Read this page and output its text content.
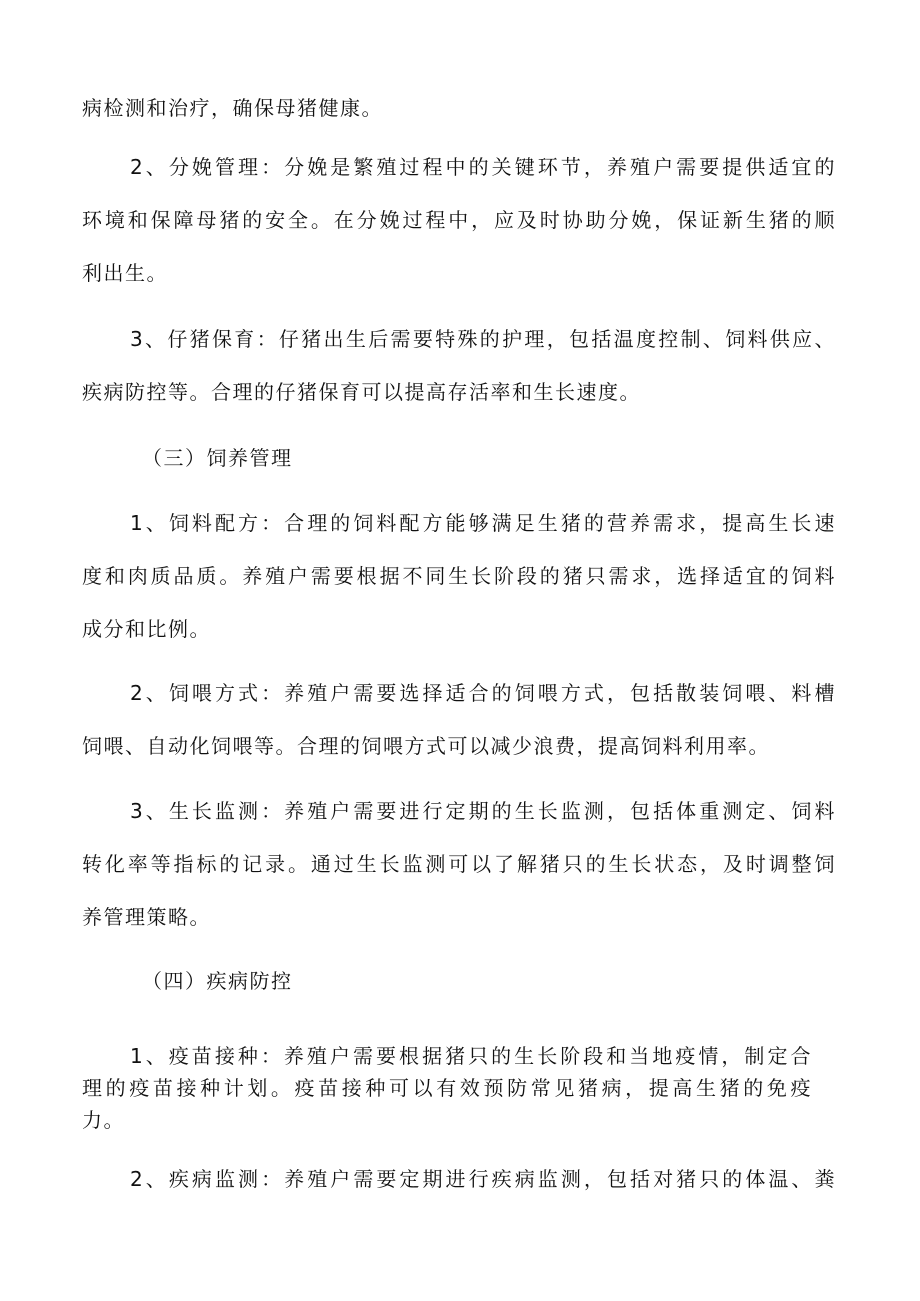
病检测和治疗，确保母猪健康。
2、分娩管理：分娩是繁殖过程中的关键环节，养殖户需要提供适宜的
环境和保障母猪的安全。在分娩过程中，应及时协助分娩，保证新生猪的顺
利出生。
3、仔猪保育：仔猪出生后需要特殊的护理，包括温度控制、饲料供应、
疾病防控等。合理的仔猪保育可以提高存活率和生长速度。
（三）饲养管理
1、饲料配方：合理的饲料配方能够满足生猪的营养需求，提高生长速
度和肉质品质。养殖户需要根据不同生长阶段的猪只需求，选择适宜的饲料
成分和比例。
2、饲喂方式：养殖户需要选择适合的饲喂方式，包括散装饲喂、料槽
饲喂、自动化饲喂等。合理的饲喂方式可以减少浪费，提高饲料利用率。
3、生长监测：养殖户需要进行定期的生长监测，包括体重测定、饲料
转化率等指标的记录。通过生长监测可以了解猪只的生长状态，及时调整饲
养管理策略。
（四）疾病防控
1、疫苗接种：养殖户需要根据猪只的生长阶段和当地疫情，制定合
理的疫苗接种计划。疫苗接种可以有效预防常见猪病，提高生猪的免疫
力。
2、疾病监测：养殖户需要定期进行疾病监测，包括对猪只的体温、粪
